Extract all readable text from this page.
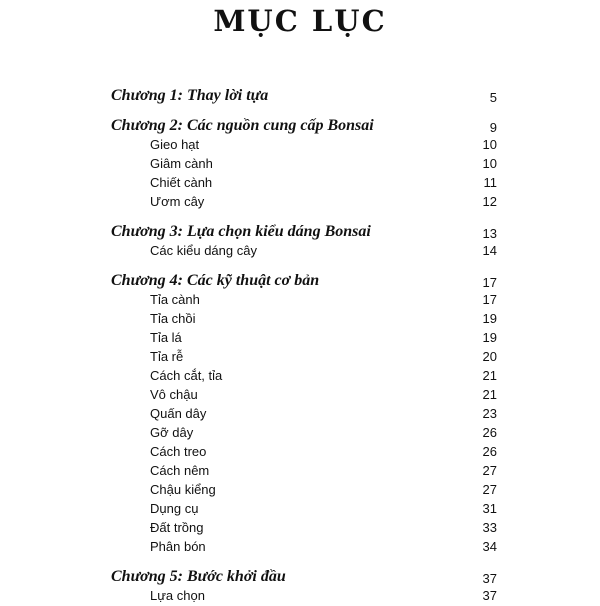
MỤC LỤC
Chương 1: Thay lời tựa	5
Chương 2: Các nguồn cung cấp Bonsai	9
Gieo hạt	10
Giâm cành	10
Chiết cành	11
Ươm cây	12
Chương 3: Lựa chọn kiểu dáng Bonsai	13
Các kiểu dáng cây	14
Chương 4: Các kỹ thuật cơ bản	17
Tỉa cành	17
Tỉa chồi	19
Tỉa lá	19
Tỉa rễ	20
Cách cắt, tỉa	21
Vô chậu	21
Quấn dây	23
Gỡ dây	26
Cách treo	26
Cách nêm	27
Chậu kiểng	27
Dụng cụ	31
Đất trồng	33
Phân bón	34
Chương 5: Bước khởi đầu	37
Lựa chọn	37
